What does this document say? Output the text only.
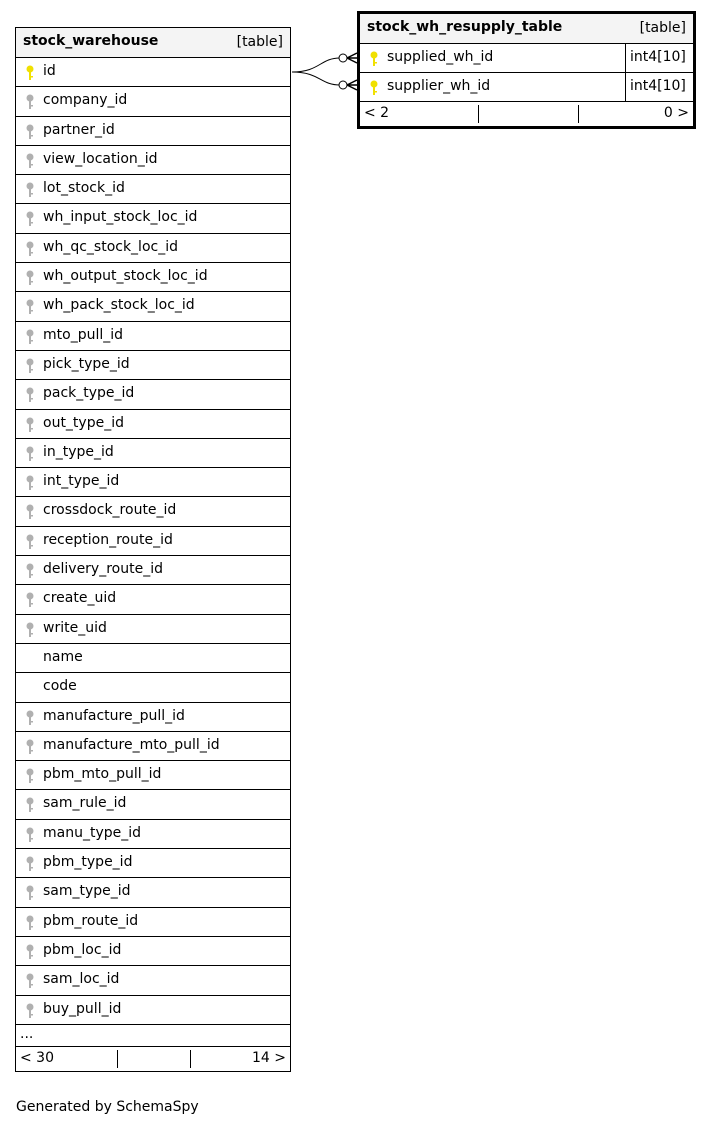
stock_warehouse	[table]
id
company_id
partner_id
view_location_id
lot_stock_id
wh_input_stock_loc_id
wh_qc_stock_loc_id
wh_output_stock_loc_id
wh_pack_stock_loc_id
mto_pull_id
pick_type_id
pack_type_id
out_type_id
in_type_id
int_type_id
crossdock_route_id
reception_route_id
delivery_route_id
create_uid
write_uid
name
code
manufacture_pull_id
manufacture_mto_pull_id
pbm_mto_pull_id
sam_rule_id
manu_type_id
pbm_type_id
sam_type_id
pbm_route_id
pbm_loc_id
sam_loc_id
buy_pull_id
...
< 30	14 >
stock_wh_resupply_table	[table]
supplied_wh_id	int4[10]
supplier_wh_id	int4[10]
< 2	0 >
Generated by SchemaSpy
